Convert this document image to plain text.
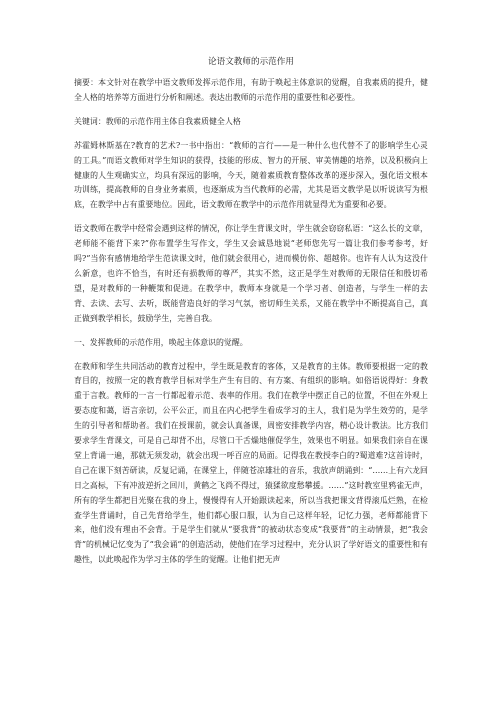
论语文教师的示范作用

摘要：本文针对在教学中语文教师发挥示范作用，有助于唤起主体意识的觉醒，自我素质的提升，健全人格的培养等方面进行分析和阐述。表达出教师的示范作用的重要性和必要性。

关键词：教师的示范作用主体自我素质健全人格

苏霍姆林斯基在?教育的艺术?一书中指出：“教师的言行——是一种什么也代替不了的影响学生心灵的工具。”而语文教师对学生知识的获得，技能的形成、智力的开展、审美情趣的培养，以及积极向上健康的人生观确实立，均具有深远的影响，今天，随着素质教育整体改革的逐步深入，强化语文根本功训练，提高教师的自身业务素质，也逐渐成为当代教师的必需，尤其是语文教学是以听说读写为根底，在教学中占有重要地位。因此，语文教师在教学中的示范作用就显得尤为重要和必要。

语文教师在教学中经常会遇到这样的情况，你让学生背课文时，学生就会窃窃私语：“这么长的文章，老师能不能背下来?”你布置学生写作文，学生又会诚恳地说“老师您先写一篇让我们参考参考，好吗?”当你有感情地给学生范读课文时，他们就会很用心，进而模仿你、超越你。也许有人认为这没什么新意，也许不恰当，有时还有损教师的尊严，其实不然，这正是学生对教师的无限信任和殷切希望，是对教师的一种鞭策和促进。在教学中，教师本身就是一个学习者、创造者，与学生一样的去背、去读、去写、去听，既能营造良好的学习气氛，密切师生关系，又能在教学中不断提高自己，真正做到教学相长，鼓励学生，完善自我。

一、发挥教师的示范作用，唤起主体意识的觉醒。

在教师和学生共同活动的教育过程中，学生既是教育的客体，又是教育的主体。教师要根据一定的教育目的，按照一定的教育教学目标对学生产生有目的、有方案、有组织的影响。如俗语说得好：身教重于言教。教师的一言一行都起着示范、表率的作用。我们在教学中摆正自己的位置，不但在外观上要态度和蔼，语言亲切，公平公正，而且在内心把学生看成学习的主人，我们是为学生效劳的，是学生的引导者和帮助者。我们在授课前，就会认真备课，周密安排教学内容，精心设计教法。比方我们要求学生背课文，可是自己却背不出，尽管口干舌燥地催促学生，效果也不明显。如果我们亲自在课堂上背诵一遍，那就无须发动，就会出现一呼百应的局面。记得我在教授李白的?蜀道难?这首诗时，自己在课下刻苦研读，反复记诵，在课堂上，伴随苍凉雄壮的音乐，我放声朗诵到：“……上有六龙回日之高标，下有冲波逆折之回川，黄鹤之飞尚不得过，猿猱欲度愁攀援。……”这时教室里鸦雀无声，所有的学生都把目光聚在我的身上，慢慢得有人开始跟读起来，所以当我把课文背得滚瓜烂熟，在检查学生背诵时，自己先背给学生，他们都心服口服，认为自己这样年轻，记忆力强，老师都能背下来，他们没有理由不会背。于是学生们就从“要我背”的被动状态变成“我要背”的主动情景，把“我会背”的机械记忆变为了“我会诵”的创造活动，使他们在学习过程中，充分认识了学好语文的重要性和有趣性，以此唤起作为学习主体的学生的觉醒。让他们把无声
